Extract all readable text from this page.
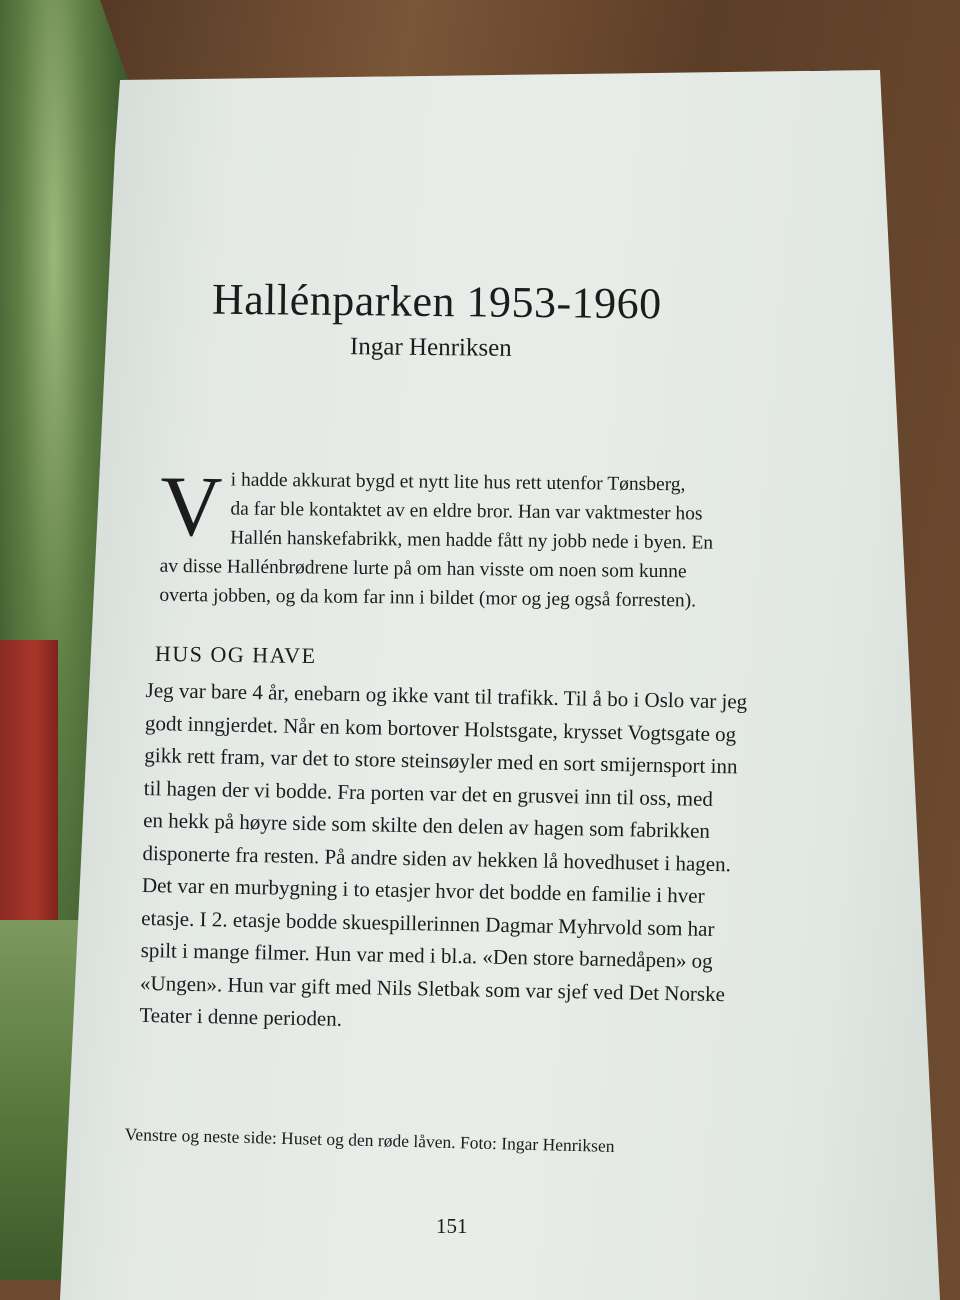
Hallénparken 1953-1960
Ingar Henriksen
V i hadde akkurat bygd et nytt lite hus rett utenfor Tønsberg,
da far ble kontaktet av en eldre bror. Han var vaktmester hos
Hallén hanskefabrikk, men hadde fått ny jobb nede i byen. En
av disse Hallénbrødrene lurte på om han visste om noen som kunne
overta jobben, og da kom far inn i bildet (mor og jeg også forresten).
HUS OG HAVE
Jeg var bare 4 år, enebarn og ikke vant til trafikk. Til å bo i Oslo var jeg
godt inngjerdet. Når en kom bortover Holstsgate, krysset Vogtsgate og
gikk rett fram, var det to store steinsøyler med en sort smijernsport inn
til hagen der vi bodde. Fra porten var det en grusvei inn til oss, med
en hekk på høyre side som skilte den delen av hagen som fabrikken
disponerte fra resten. På andre siden av hekken lå hovedhuset i hagen.
Det var en murbygning i to etasjer hvor det bodde en familie i hver
etasje. I 2. etasje bodde skuespillerinnen Dagmar Myhrvold som har
spilt i mange filmer. Hun var med i bl.a. «Den store barnedåpen» og
«Ungen». Hun var gift med Nils Sletbak som var sjef ved Det Norske
Teater i denne perioden.
Venstre og neste side: Huset og den røde låven. Foto: Ingar Henriksen
151
